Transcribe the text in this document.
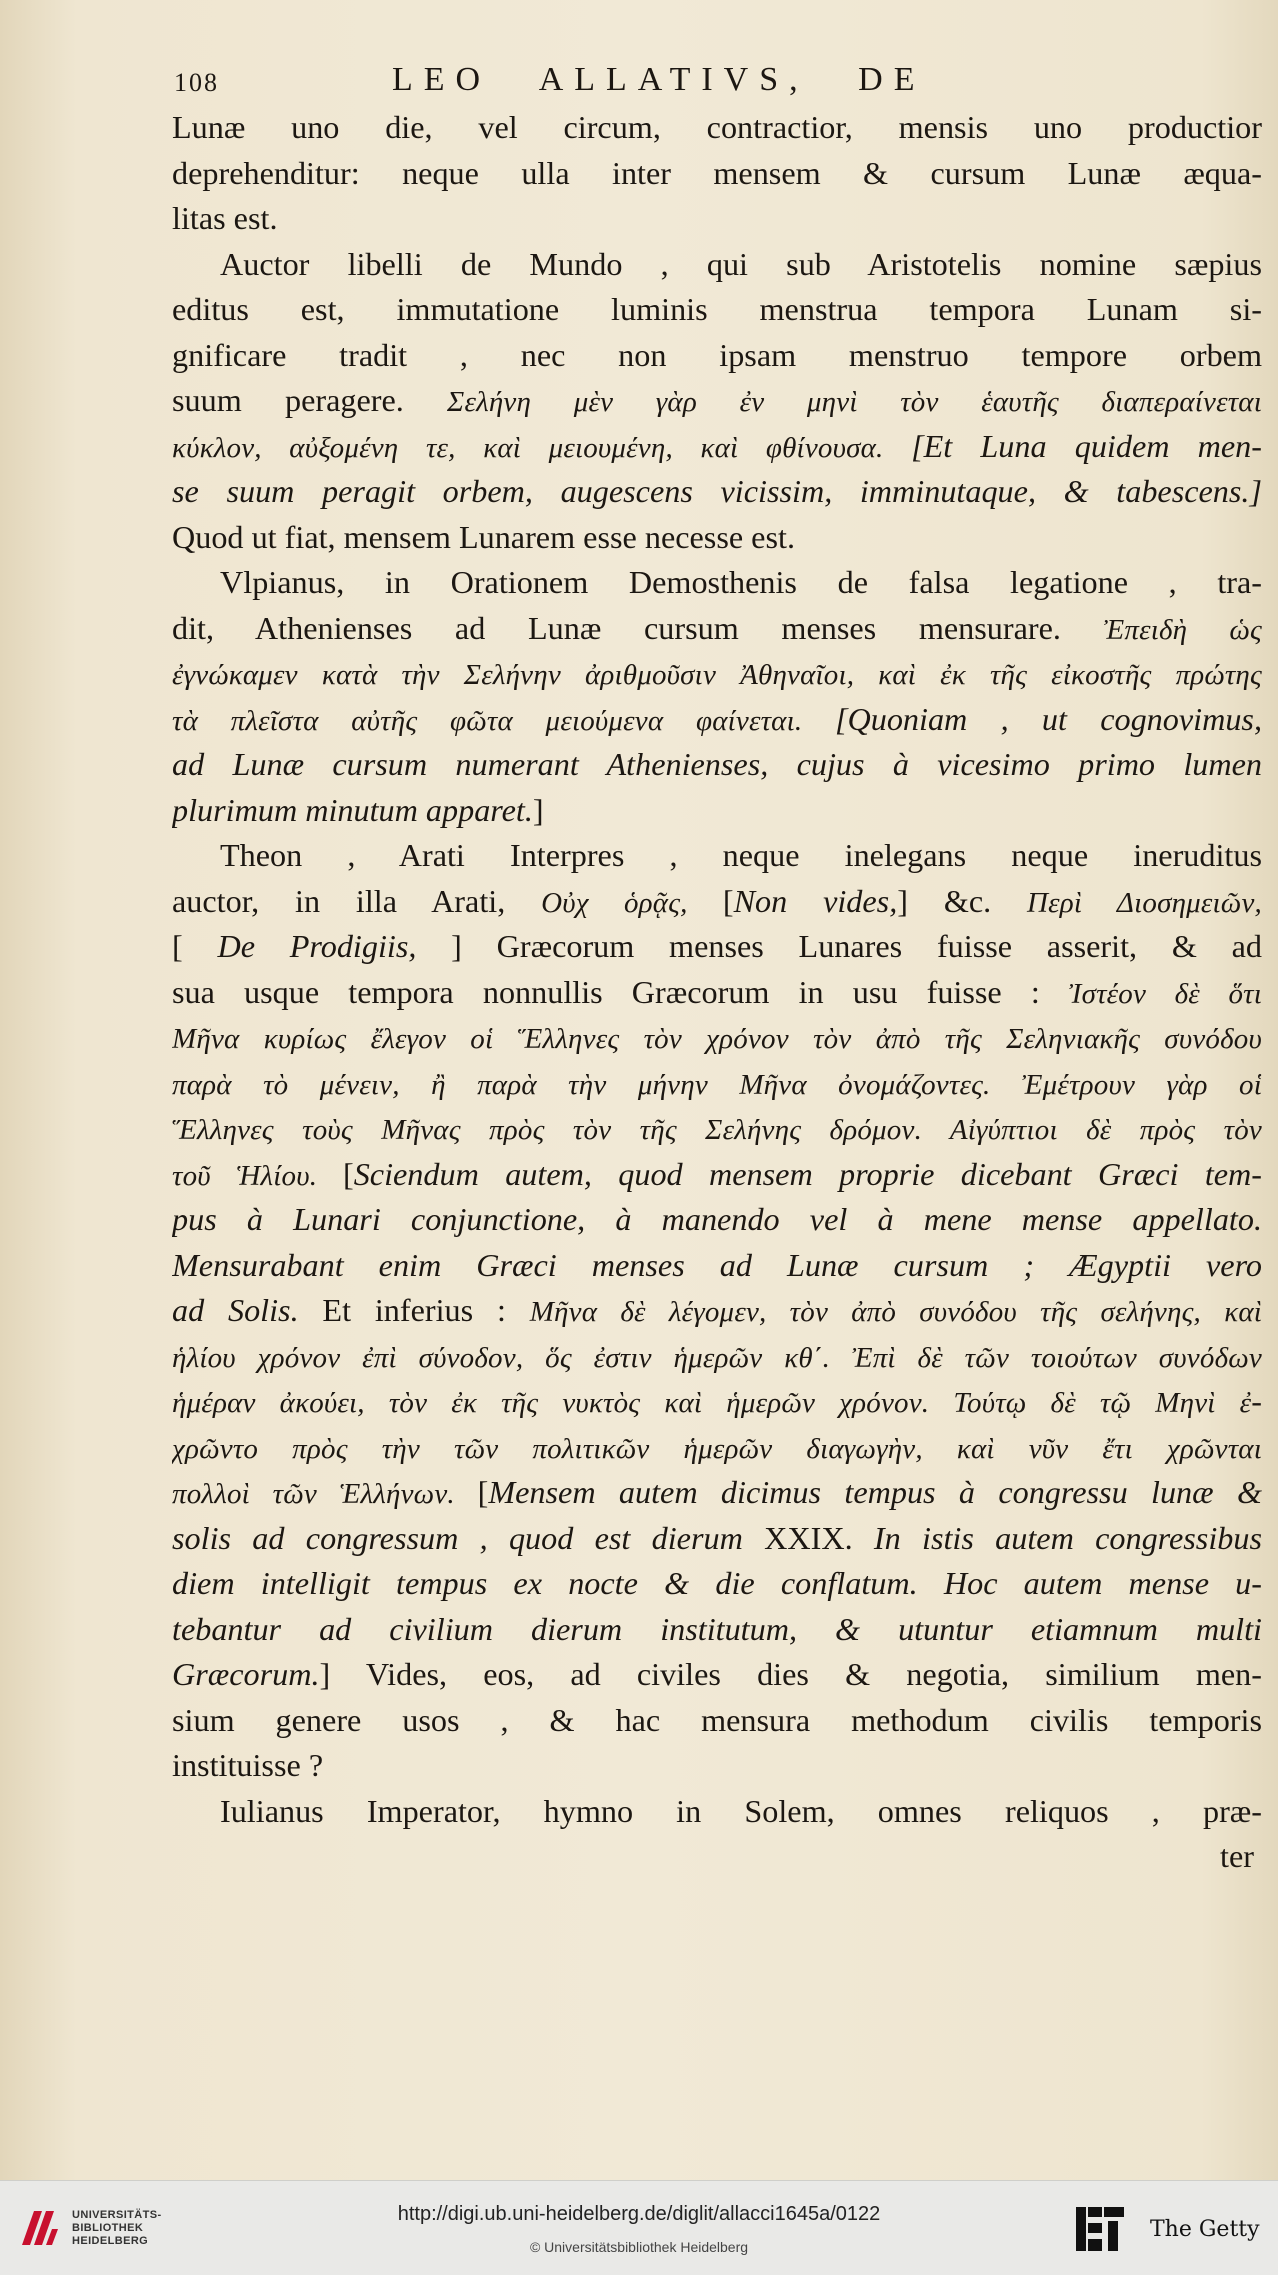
108	LEO ALLATIVS, DE
Lunæ uno die, vel circum, contractior, mensis uno productior
deprehenditur: neque ulla inter mensem & cursum Lunæ æqua-
litas est.
Auctor libelli de Mundo , qui sub Aristotelis nomine sæpius
editus est, immutatione luminis menstrua tempora Lunam si-
gnificare tradit , nec non ipsam menstruo tempore orbem
suum peragere. Σελήνη μὲν γὰρ ἐν μηνὶ τὸν ἑαυτῆς διαπεραίνεται
κύκλον, αὐξομένη τε, καὶ μειουμένη, καὶ φθίνουσα. [Et Luna quidem men-
se suum peragit orbem, augescens vicissim, imminutaque, & tabescens.]
Quod ut fiat, mensem Lunarem esse necesse est.
Vlpianus, in Orationem Demosthenis de falsa legatione , tra-
dit, Athenienses ad Lunæ cursum menses mensurare. Ἐπειδὴ ὡς
ἐγνώκαμεν κατὰ τὴν Σελήνην ἀριθμοῦσιν Ἀθηναῖοι, καὶ ἐκ τῆς εἰκοστῆς πρώτης
τὰ πλεῖστα αὐτῆς φῶτα μειούμενα φαίνεται. [Quoniam , ut cognovimus,
ad Lunæ cursum numerant Athenienses, cujus à vicesimo primo lumen
plurimum minutum apparet.]
Theon , Arati Interpres , neque inelegans neque ineruditus
auctor, in illa Arati, Οὐχ ὁρᾷς, [Non vides,] &c. Περὶ Διοσημειῶν,
[ De Prodigiis, ] Græcorum menses Lunares fuisse asserit, & ad
sua usque tempora nonnullis Græcorum in usu fuisse : Ἰστέον δὲ ὅτι
Μῆνα κυρίως ἔλεγον οἱ Ἕλληνες τὸν χρόνον τὸν ἀπὸ τῆς Σεληνιακῆς συνόδου
παρὰ τὸ μένειν, ἢ παρὰ τὴν μήνην Μῆνα ὀνομάζοντες. Ἐμέτρουν γὰρ οἱ
Ἕλληνες τοὺς Μῆνας πρὸς τὸν τῆς Σελήνης δρόμον. Αἰγύπτιοι δὲ πρὸς τὸν
τοῦ Ἡλίου. [Sciendum autem, quod mensem proprie dicebant Græci tem-
pus à Lunari conjunctione, à manendo vel à mene mense appellato.
Mensurabant enim Græci menses ad Lunæ cursum ; Ægyptii vero
ad Solis. Et inferius : Μῆνα δὲ λέγομεν, τὸν ἀπὸ συνόδου τῆς σελήνης, καὶ
ἡλίου χρόνον ἐπὶ σύνοδον, ὅς ἐστιν ἡμερῶν κθ΄. Ἐπὶ δὲ τῶν τοιούτων συνόδων
ἡμέραν ἀκούει, τὸν ἐκ τῆς νυκτὸς καὶ ἡμερῶν χρόνον. Τούτῳ δὲ τῷ Μηνὶ ἐ-
χρῶντο πρὸς τὴν τῶν πολιτικῶν ἡμερῶν διαγωγὴν, καὶ νῦν ἔτι χρῶνται
πολλοὶ τῶν Ἑλλήνων. [Mensem autem dicimus tempus à congressu lunæ &
solis ad congressum , quod est dierum XXIX. In istis autem congressibus
diem intelligit tempus ex nocte & die conflatum. Hoc autem mense u-
tebantur ad civilium dierum institutum, & utuntur etiamnum multi
Græcorum.] Vides, eos, ad civiles dies & negotia, similium men-
sium genere usos , & hac mensura methodum civilis temporis
instituisse ?
Iulianus Imperator, hymno in Solem, omnes reliquos , præ-
ter
UNIVERSITÄTS-
BIBLIOTHEK
HEIDELBERG
http://digi.ub.uni-heidelberg.de/diglit/allacci1645a/0122
© Universitätsbibliothek Heidelberg
The Getty
